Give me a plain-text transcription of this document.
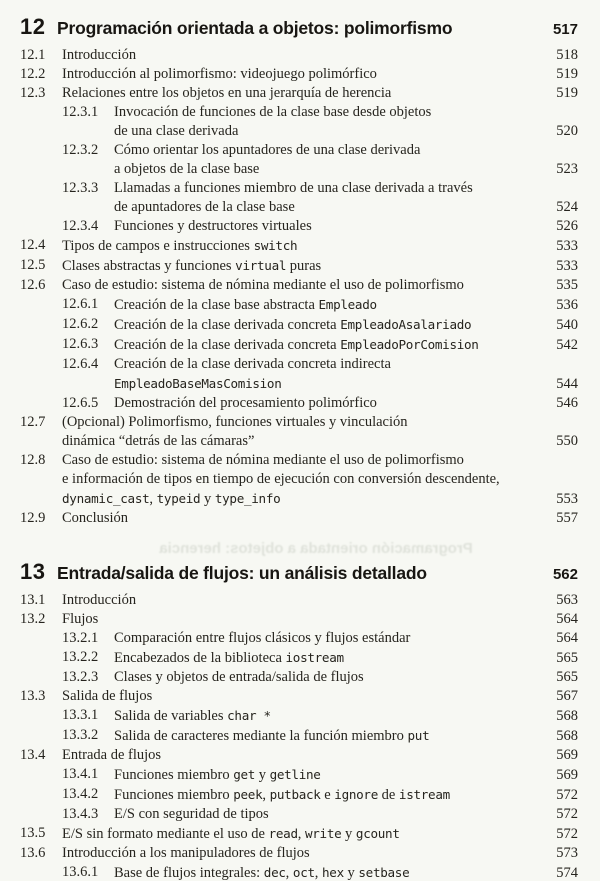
12 Programación orientada a objetos: polimorfismo	517
12.1	Introducción	518
12.2	Introducción al polimorfismo: videojuego polimórfico	519
12.3	Relaciones entre los objetos en una jerarquía de herencia	519
12.3.1	Invocación de funciones de la clase base desde objetos
de una clase derivada	520
12.3.2	Cómo orientar los apuntadores de una clase derivada
a objetos de la clase base	523
12.3.3	Llamadas a funciones miembro de una clase derivada a través
de apuntadores de la clase base	524
12.3.4	Funciones y destructores virtuales	526
12.4	Tipos de campos e instrucciones switch	533
12.5	Clases abstractas y funciones virtual puras	533
12.6	Caso de estudio: sistema de nómina mediante el uso de polimorfismo	535
12.6.1	Creación de la clase base abstracta Empleado	536
12.6.2	Creación de la clase derivada concreta EmpleadoAsalariado	540
12.6.3	Creación de la clase derivada concreta EmpleadoPorComision	542
12.6.4	Creación de la clase derivada concreta indirecta
EmpleadoBaseMasComision	544
12.6.5	Demostración del procesamiento polimórfico	546
12.7	(Opcional) Polimorfismo, funciones virtuales y vinculación
dinámica “detrás de las cámaras”	550
12.8	Caso de estudio: sistema de nómina mediante el uso de polimorfismo
e información de tipos en tiempo de ejecución con conversión descendente,
dynamic_cast, typeid y type_info	553
12.9	Conclusión	557
13 Entrada/salida de flujos: un análisis detallado	562
13.1	Introducción	563
13.2	Flujos	564
13.2.1	Comparación entre flujos clásicos y flujos estándar	564
13.2.2	Encabezados de la biblioteca iostream	565
13.2.3	Clases y objetos de entrada/salida de flujos	565
13.3	Salida de flujos	567
13.3.1	Salida de variables char *	568
13.3.2	Salida de caracteres mediante la función miembro put	568
13.4	Entrada de flujos	569
13.4.1	Funciones miembro get y getline	569
13.4.2	Funciones miembro peek, putback e ignore de istream	572
13.4.3	E/S con seguridad de tipos	572
13.5	E/S sin formato mediante el uso de read, write y gcount	572
13.6	Introducción a los manipuladores de flujos	573
13.6.1	Base de flujos integrales: dec, oct, hex y setbase	574
Programación orientada a objetos: herencia
